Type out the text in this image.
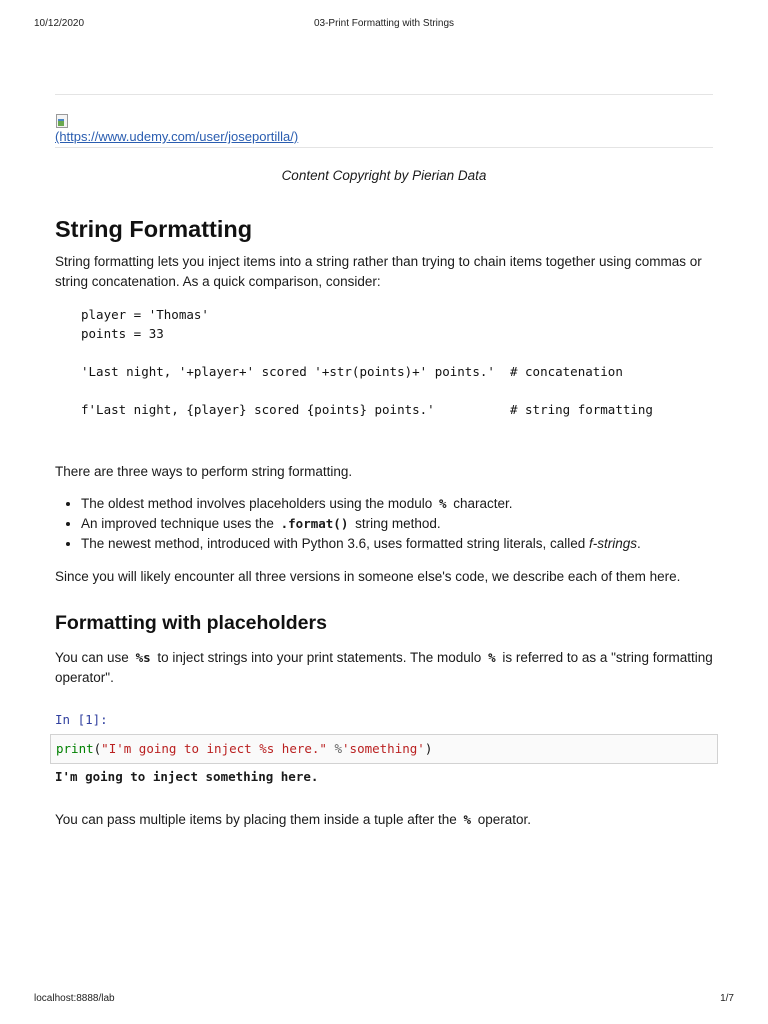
10/12/2020	03-Print Formatting with Strings
(https://www.udemy.com/user/joseportilla/)
Content Copyright by Pierian Data
String Formatting

String formatting lets you inject items into a string rather than trying to chain items together using commas or string concatenation. As a quick comparison, consider:

player = 'Thomas'
points = 33

'Last night, '+player+' scored '+str(points)+' points.'  # concatenation

f'Last night, {player} scored {points} points.'          # string formatting

There are three ways to perform string formatting.

• The oldest method involves placeholders using the modulo % character.
• An improved technique uses the .format() string method.
• The newest method, introduced with Python 3.6, uses formatted string literals, called f-strings.

Since you will likely encounter all three versions in someone else's code, we describe each of them here.

Formatting with placeholders

You can use %s to inject strings into your print statements. The modulo % is referred to as a "string formatting operator".

In [1]:
print("I'm going to inject %s here." %'something')
I'm going to inject something here.

You can pass multiple items by placing them inside a tuple after the % operator.

localhost:8888/lab	1/7
